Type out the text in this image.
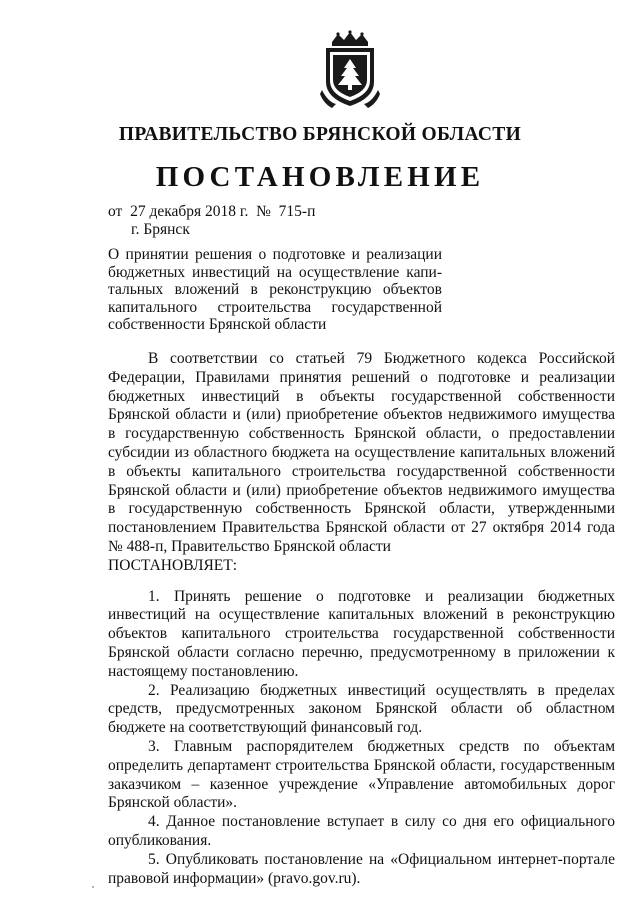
ПРАВИТЕЛЬСТВО БРЯНСКОЙ ОБЛАСТИ
ПОСТАНОВЛЕНИЕ
от  27 декабря 2018 г.  №  715-п
г. Брянск
О принятии решения о подготовке и реализации
бюджетных инвестиций на осуществление капи-
тальных вложений в реконструкцию объектов
капитального строительства государственной
собственности Брянской области

В соответствии со статьей 79 Бюджетного кодекса Российской Федерации, Правилами принятия решений о подготовке и реализации бюджетных инвестиций в объекты государственной собственности Брянской области и (или) приобретение объектов недвижимого имущества в государственную собственность Брянской области, о предоставлении субсидии из областного бюджета на осуществление капитальных вложений в объекты капитального строительства государственной собственности Брянской области и (или) приобретение объектов недвижимого имущества в государственную собственность Брянской области, утвержденными постановлением Правительства Брянской области от 27 октября 2014 года № 488-п, Правительство Брянской области

ПОСТАНОВЛЯЕТ:

1. Принять решение о подготовке и реализации бюджетных инвестиций на осуществление капитальных вложений в реконструкцию объектов капитального строительства государственной собственности Брянской области согласно перечню, предусмотренному в приложении к настоящему постановлению.

2. Реализацию бюджетных инвестиций осуществлять в пределах средств, предусмотренных законом Брянской области об областном бюджете на соответствующий финансовый год.

3. Главным распорядителем бюджетных средств по объектам определить департамент строительства Брянской области, государственным заказчиком – казенное учреждение «Управление автомобильных дорог Брянской области».

4. Данное постановление вступает в силу со дня его официального опубликования.

5. Опубликовать постановление на «Официальном интернет-портале правовой информации» (pravo.gov.ru).
